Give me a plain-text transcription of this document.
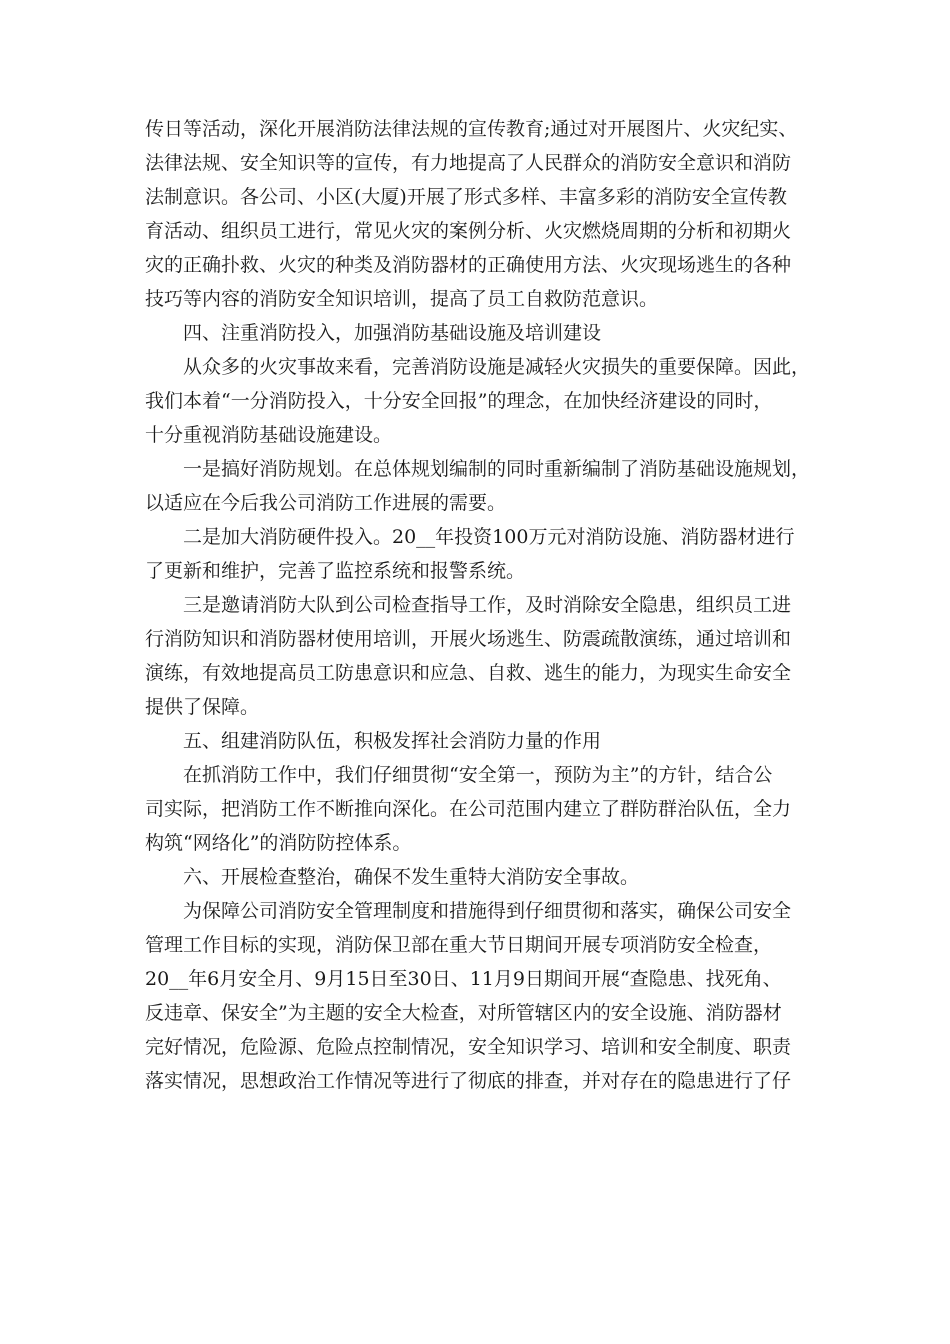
传日等活动，深化开展消防法律法规的宣传教育;通过对开展图片、火灾纪实、
法律法规、安全知识等的宣传，有力地提高了人民群众的消防安全意识和消防
法制意识。各公司、小区(大厦)开展了形式多样、丰富多彩的消防安全宣传教
育活动、组织员工进行，常见火灾的案例分析、火灾燃烧周期的分析和初期火
灾的正确扑救、火灾的种类及消防器材的正确使用方法、火灾现场逃生的各种
技巧等内容的消防安全知识培训，提高了员工自救防范意识。
四、注重消防投入，加强消防基础设施及培训建设
从众多的火灾事故来看，完善消防设施是减轻火灾损失的重要保障。因此，
我们本着“一分消防投入，十分安全回报”的理念，在加快经济建设的同时，
十分重视消防基础设施建设。
一是搞好消防规划。在总体规划编制的同时重新编制了消防基础设施规划，
以适应在今后我公司消防工作进展的需要。
二是加大消防硬件投入。20__年投资100万元对消防设施、消防器材进行
了更新和维护，完善了监控系统和报警系统。
三是邀请消防大队到公司检查指导工作，及时消除安全隐患，组织员工进
行消防知识和消防器材使用培训，开展火场逃生、防震疏散演练，通过培训和
演练，有效地提高员工防患意识和应急、自救、逃生的能力，为现实生命安全
提供了保障。
五、组建消防队伍，积极发挥社会消防力量的作用
在抓消防工作中，我们仔细贯彻“安全第一，预防为主”的方针，结合公
司实际，把消防工作不断推向深化。在公司范围内建立了群防群治队伍，全力
构筑“网络化”的消防防控体系。
六、开展检查整治，确保不发生重特大消防安全事故。
为保障公司消防安全管理制度和措施得到仔细贯彻和落实，确保公司安全
管理工作目标的实现，消防保卫部在重大节日期间开展专项消防安全检查，
20__年6月安全月、9月15日至30日、11月9日期间开展“查隐患、找死角、
反违章、保安全”为主题的安全大检查，对所管辖区内的安全设施、消防器材
完好情况，危险源、危险点控制情况，安全知识学习、培训和安全制度、职责
落实情况，思想政治工作情况等进行了彻底的排查，并对存在的隐患进行了仔
